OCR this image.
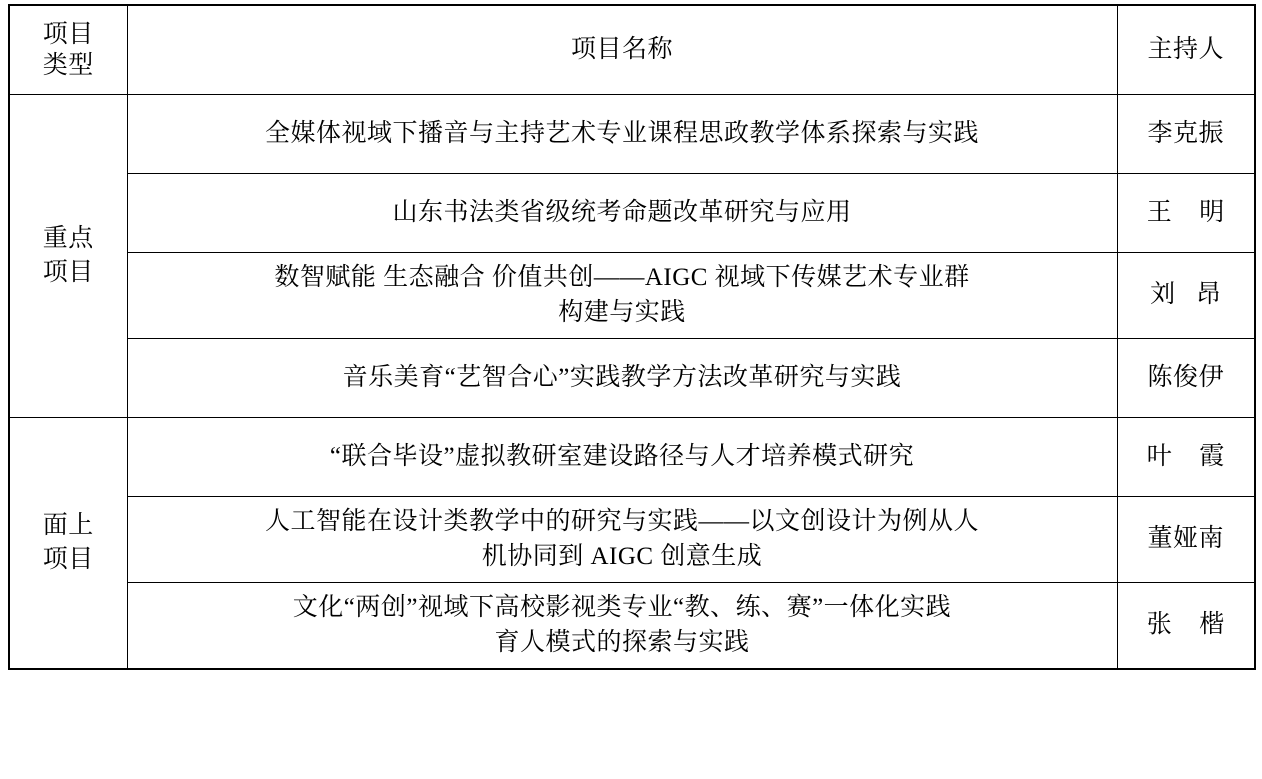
项目
类型	项目名称	主持人

重点
项目	全媒体视域下播音与主持艺术专业课程思政教学体系探索与实践	李克振

	山东书法类省级统考命题改革研究与应用	王    明

	数智赋能 生态融合 价值共创——AIGC 视域下传媒艺术专业群
构建与实践	刘   昂

	音乐美育“艺智合心”实践教学方法改革研究与实践	陈俊伊

面上
项目	“联合毕设”虚拟教研室建设路径与人才培养模式研究	叶    霞

	人工智能在设计类教学中的研究与实践——以文创设计为例从人
机协同到 AIGC 创意生成	董娅南

	文化“两创”视域下高校影视类专业“教、练、赛”一体化实践
育人模式的探索与实践	张    楷
